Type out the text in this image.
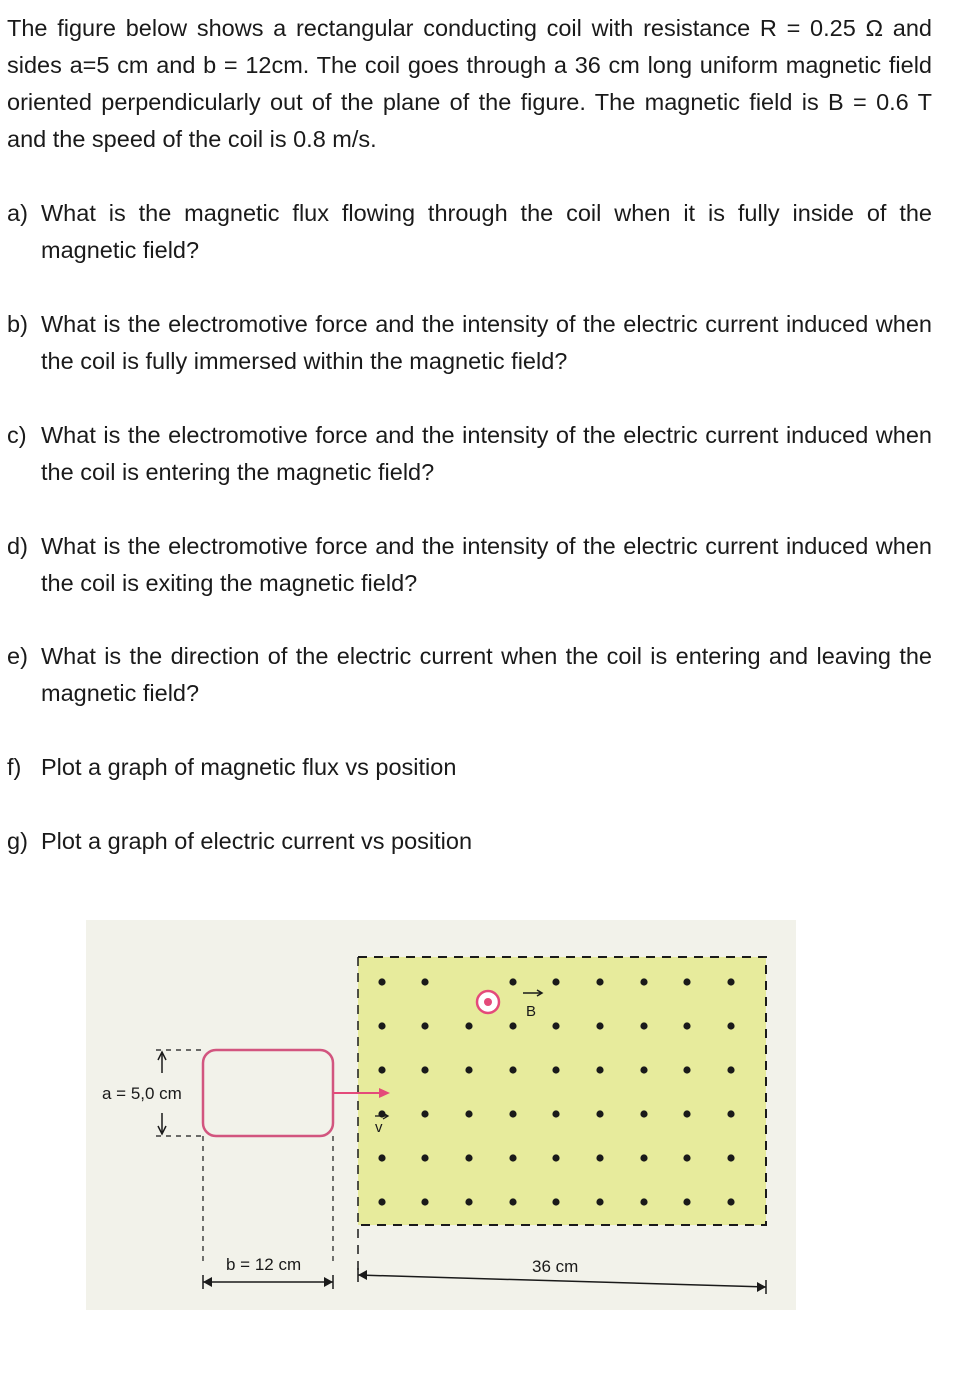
The figure below shows a rectangular conducting coil with resistance R = 0.25 Ω and sides a=5 cm and b = 12cm. The coil goes through a 36 cm long uniform magnetic field oriented perpendicularly out of the plane of the figure. The magnetic field is B = 0.6 T and the speed of the coil is 0.8 m/s.
a) What is the magnetic flux flowing through the coil when it is fully inside of the magnetic field?
b) What is the electromotive force and the intensity of the electric current induced when the coil is fully immersed within the magnetic field?
c) What is the electromotive force and the intensity of the electric current induced when the coil is entering the magnetic field?
d) What is the electromotive force and the intensity of the electric current induced when the coil is exiting the magnetic field?
e) What is the direction of the electric current when the coil is entering and leaving the magnetic field?
f) Plot a graph of magnetic flux vs position
g) Plot a graph of electric current vs position
B
a = 5,0 cm
v
b = 12 cm	36 cm
